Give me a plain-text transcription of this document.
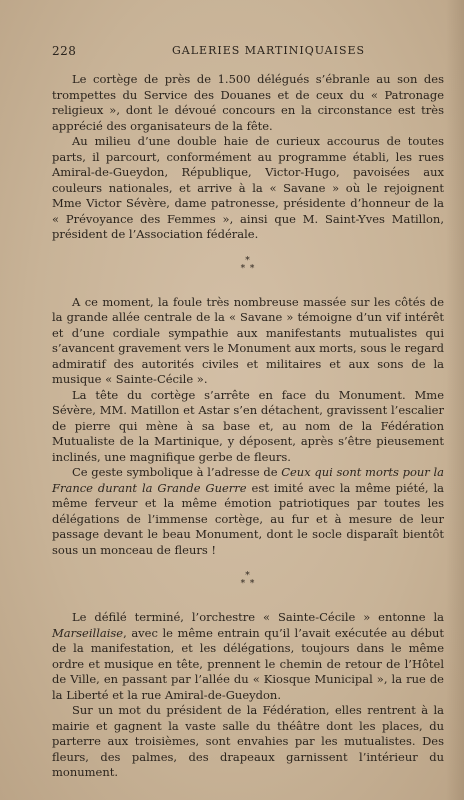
228	GALERIES MARTINIQUAISES

Le cortège de près de 1.500 délégués s’ébranle au son des trompettes du Service des Douanes et de ceux du « Patronage religieux », dont le dévoué concours en la circonstance est très apprécié des organisateurs de la fête.

Au milieu d’une double haie de curieux accourus de toutes parts, il parcourt, conformément au programme établi, les rues Amiral-de-Gueydon, République, Victor-Hugo, pavoisées aux couleurs nationales, et arrive à la « Savane » où le rejoignent Mme Victor Sévère, dame patronesse, présidente d’honneur de la « Prévoyance des Femmes », ainsi que M. Saint-Yves Matillon, président de l’Association fédérale.

*
* *

A ce moment, la foule très nombreuse massée sur les côtés de la grande allée centrale de la « Savane » témoigne d’un vif intérêt et d’une cordiale sympathie aux manifestants mutualistes qui s’avancent gravement vers le Monument aux morts, sous le regard admiratif des autorités civiles et militaires et aux sons de la musique « Sainte-Cécile ».

La tête du cortège s’arrête en face du Monument. Mme Sévère, MM. Matillon et Astar s’en détachent, gravissent l’escalier de pierre qui mène à sa base et, au nom de la Fédération Mutualiste de la Martinique, y déposent, après s’être pieusement inclinés, une magnifique gerbe de fleurs.

Ce geste symbolique à l’adresse de Ceux qui sont morts pour la France durant la Grande Guerre est imité avec la même piété, la même ferveur et la même émotion patriotiques par toutes les délégations de l’immense cortège, au fur et à mesure de leur passage devant le beau Monument, dont le socle disparaît bientôt sous un monceau de fleurs !

*
* *

Le défilé terminé, l’orchestre « Sainte-Cécile » entonne la Marseillaise, avec le même entrain qu’il l’avait exécutée au début de la manifestation, et les délégations, toujours dans le même ordre et musique en tête, prennent le chemin de retour de l’Hôtel de Ville, en passant par l’allée du « Kiosque Municipal », la rue de la Liberté et la rue Amiral-de-Gueydon.

Sur un mot du président de la Fédération, elles rentrent à la mairie et gagnent la vaste salle du théâtre dont les places, du parterre aux troisièmes, sont envahies par les mutualistes. Des fleurs, des palmes, des drapeaux garnissent l’intérieur du monument.
